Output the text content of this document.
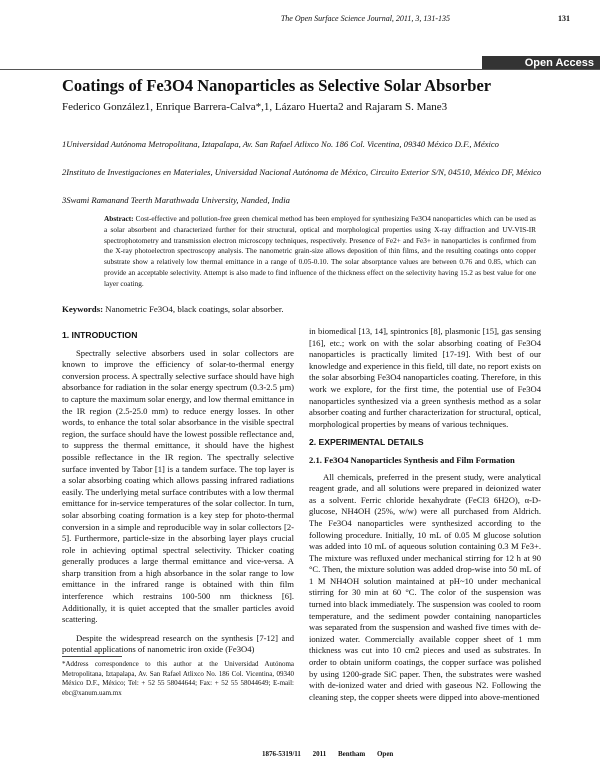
The Open Surface Science Journal, 2011, 3, 131-135	131
Open Access
Coatings of Fe3O4 Nanoparticles as Selective Solar Absorber
Federico González1, Enrique Barrera-Calva*,1, Lázaro Huerta2 and Rajaram S. Mane3
1Universidad Autónoma Metropolitana, Iztapalapa, Av. San Rafael Atlixco No. 186 Col. Vicentina, 09340 México D.F., México
2Instituto de Investigaciones en Materiales, Universidad Nacional Autónoma de México, Circuito Exterior S/N, 04510, México DF, México
3Swami Ramanand Teerth Marathwada University, Nanded, India
Abstract: Cost-effective and pollution-free green chemical method has been employed for synthesizing Fe3O4 nanoparticles which can be used as a solar absorbent and characterized further for their structural, optical and morphological properties using X-ray diffraction and UV-VIS-IR spectrophotometry and transmission electron microscopy techniques, respectively. Presence of Fe2+ and Fe3+ in nanoparticles is confirmed from the X-ray photoelectron spectroscopy analysis. The nanometric grain-size allows deposition of thin films, and the resulting coatings onto copper substrate show a relatively low thermal emittance in a range of 0.05-0.10. The solar absorptance values are between 0.76 and 0.85, which can provide an acceptable selectivity. Attempt is also made to find influence of the thickness effect on the selectivity having 15.2 as best value for one layer coating.
Keywords: Nanometric Fe3O4, black coatings, solar absorber.
1. INTRODUCTION

Spectrally selective absorbers used in solar collectors are known to improve the efficiency of solar-to-thermal energy conversion process. A spectrally selective surface should have high absorbance for radiation in the solar energy spectrum (0.3-2.5 µm) to capture the maximum solar energy, and low thermal emittance in the IR region (2.5-25.0 mm) to reduce energy losses. In other words, to enhance the total solar absorbance in the visible spectral region, the surface should have the lowest possible reflectance and, to suppress the thermal emittance, it should have the highest possible reflectance in the IR region. The spectrally selective surface invented by Tabor [1] is a tandem surface. The top layer is a solar absorbing coating which allows passing infrared radiations easily. The underlying metal surface contributes with a low thermal emittance for in-service temperatures of the solar collector. In turn, solar absorbing coating formation is a key step for photo-thermal conversion in a simple and reproducible way in solar collectors [2-5]. Furthermore, particle-size in the absorbing layer plays crucial role in achieving optimal spectral selectivity. Thicker coating generally produces a large thermal emittance and vice-versa. A sharp transition from a high absorbance in the solar range to low emittance in the infrared range is obtained with thin film interference which restrains 100-500 nm thickness [6]. Additionally, it is quiet accepted that the smaller particles avoid scattering.

Despite the widespread research on the synthesis [7-12] and potential applications of nanometric iron oxide (Fe3O4)

in biomedical [13, 14], spintronics [8], plasmonic [15], gas sensing [16], etc.; work on with the solar absorbing coating of Fe3O4 nanoparticles is practically limited [17-19]. With best of our knowledge and experience in this field, till date, no report exists on the solar absorbing Fe3O4 nanoparticles coating. Therefore, in this work we explore, for the first time, the potential use of Fe3O4 nanoparticles synthesized via a green synthesis method as a solar absorber coating and further characterization for structural, optical, morphological properties by means of various techniques.

2. EXPERIMENTAL DETAILS
2.1. Fe3O4 Nanoparticles Synthesis and Film Formation

All chemicals, preferred in the present study, were analytical reagent grade, and all solutions were prepared in deionized water as a solvent. Ferric chloride hexahydrate (FeCl3 6H2O), α-D-glucose, NH4OH (25%, w/w) were all purchased from Aldrich. The Fe3O4 nanoparticles were synthesized according to the following procedure. Initially, 10 mL of 0.05 M glucose solution was added into 10 mL of aqueous solution containing 0.3 M Fe3+. The mixture was refluxed under mechanical stirring for 12 h at 90 °C. Then, the mixture solution was added drop-wise into 50 mL of 1 M NH4OH solution maintained at pH~10 under mechanical stirring for 30 min at 60 °C. The color of the suspension was turned into black immediately. The suspension was cooled to room temperature, and the sediment powder containing nanoparticles was separated from the suspension and washed five times with de-ionized water. Commercially available copper sheet of 1 mm thickness was cut into 10 cm2 pieces and used as substrates. In order to obtain uniform coatings, the copper surface was polished by using 1200-grade SiC paper. Then, the substrates were washed with de-ionized water and dried with gaseous N2. Following the cleaning step, the copper sheets were dipped into above-mentioned

*Address correspondence to this author at the Universidad Autónoma Metropolitana, Iztapalapa, Av. San Rafael Atlixco No. 186 Col. Vicentina, 09340 México D.F., México; Tel: + 52 55 58044644; Fax: + 52 55 58044649; E-mail: ebc@xanum.uam.mx
1876-5319/11 2011 Bentham Open
